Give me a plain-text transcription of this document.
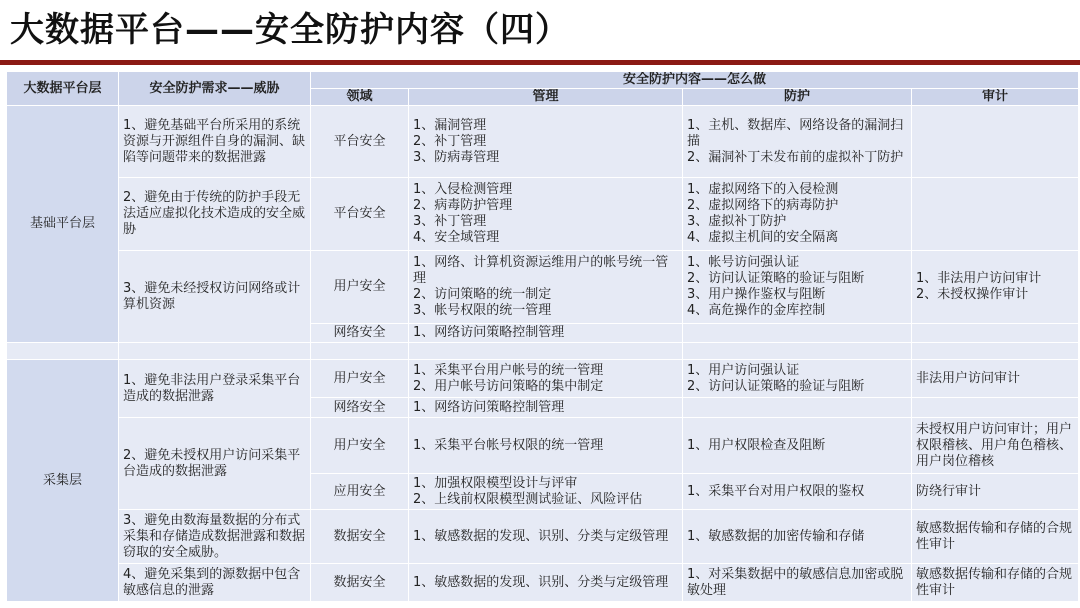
大数据平台——安全防护内容（四）
大数据平台层	安全防护需求——威胁	安全防护内容——怎么做			
		领域	管理	防护	审计
基础平台层	1、避免基础平台所采用的系统资源与开源组件自身的漏洞、缺陷等问题带来的数据泄露	平台安全	1、漏洞管理
2、补丁管理
3、防病毒管理	1、主机、数据库、网络设备的漏洞扫描
2、漏洞补丁未发布前的虚拟补丁防护	

	2、避免由于传统的防护手段无法适应虚拟化技术造成的安全威胁	平台安全	1、入侵检测管理
2、病毒防护管理
3、补丁管理
4、安全域管理	1、虚拟网络下的入侵检测
2、虚拟网络下的病毒防护
3、虚拟补丁防护
4、虚拟主机间的安全隔离	

	3、避免未经授权访问网络或计算机资源	用户安全	1、网络、计算机资源运维用户的帐号统一管理
2、访问策略的统一制定
3、帐号权限的统一管理	1、帐号访问强认证
2、访问认证策略的验证与阻断
3、用户操作鉴权与阻断
4、高危操作的金库控制	1、非法用户访问审计
2、未授权操作审计

		网络安全	1、网络访问策略控制管理		

采集层	1、避免非法用户登录采集平台造成的数据泄露	用户安全	1、采集平台用户帐号的统一管理
2、用户帐号访问策略的集中制定	1、用户访问强认证
2、访问认证策略的验证与阻断	非法用户访问审计

		网络安全	1、网络访问策略控制管理		

	2、避免未授权用户访问采集平台造成的数据泄露	用户安全	1、采集平台帐号权限的统一管理	1、用户权限检查及阻断	未授权用户访问审计；用户权限稽核、用户角色稽核、用户岗位稽核

		应用安全	1、加强权限模型设计与评审
2、上线前权限模型测试验证、风险评估	1、采集平台对用户权限的鉴权	防绕行审计

	3、避免由数海量数据的分布式采集和存储造成数据泄露和数据窃取的安全威胁。	数据安全	1、敏感数据的发现、识别、分类与定级管理	1、敏感数据的加密传输和存储	敏感数据传输和存储的合规性审计

	4、避免采集到的源数据中包含敏感信息的泄露	数据安全	1、敏感数据的发现、识别、分类与定级管理	1、对采集数据中的敏感信息加密或脱敏处理	敏感数据传输和存储的合规性审计
